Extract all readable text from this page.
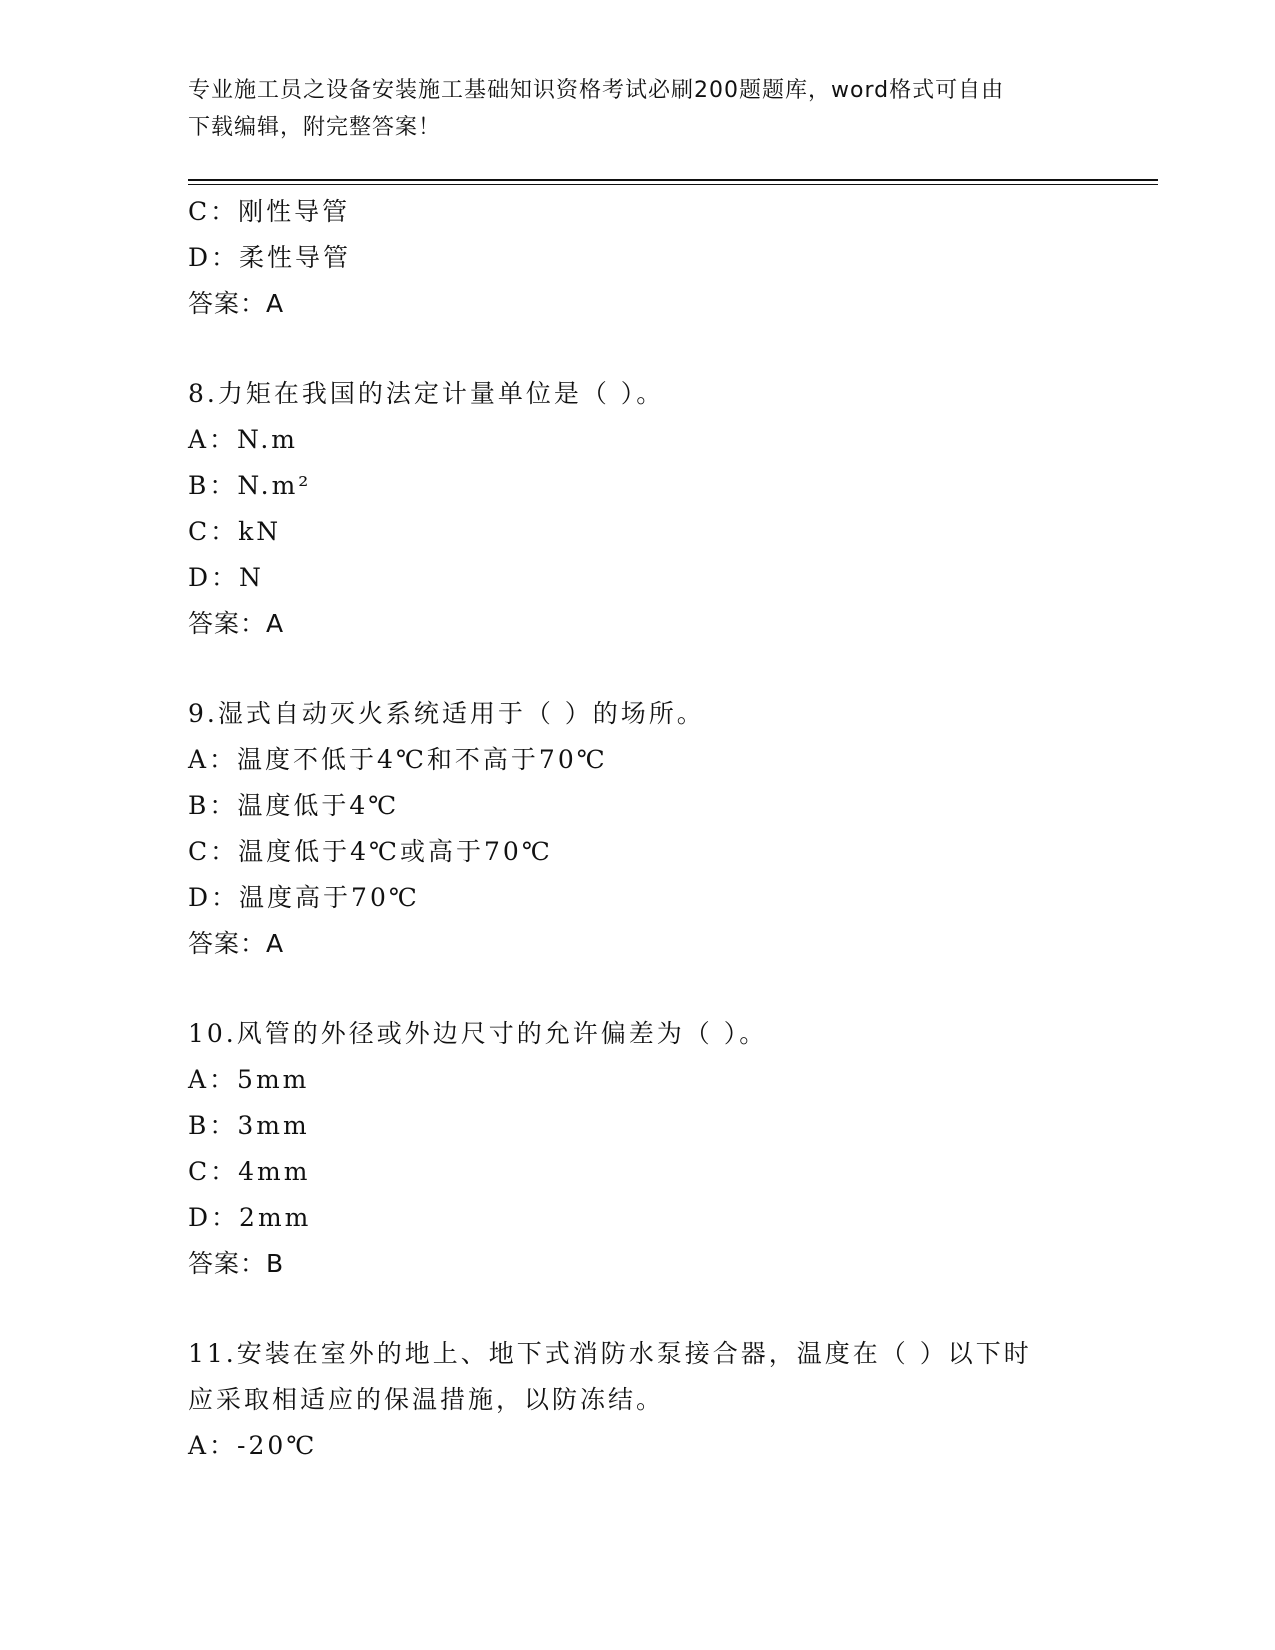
专业施工员之设备安装施工基础知识资格考试必刷200题题库，word格式可自由
下载编辑，附完整答案！
C：刚性导管
D：柔性导管
答案：A
8.力矩在我国的法定计量单位是（ ）。
A：N.m
B：N.m²
C：kN
D：N
答案：A
9.湿式自动灭火系统适用于（ ）的场所。
A：温度不低于4℃和不高于70℃
B：温度低于4℃
C：温度低于4℃或高于70℃
D：温度高于70℃
答案：A
10.风管的外径或外边尺寸的允许偏差为（ ）。
A：5mm
B：3mm
C：4mm
D：2mm
答案：B
11.安装在室外的地上、地下式消防水泵接合器，温度在（ ）以下时
应采取相适应的保温措施，以防冻结。
A：-20℃
